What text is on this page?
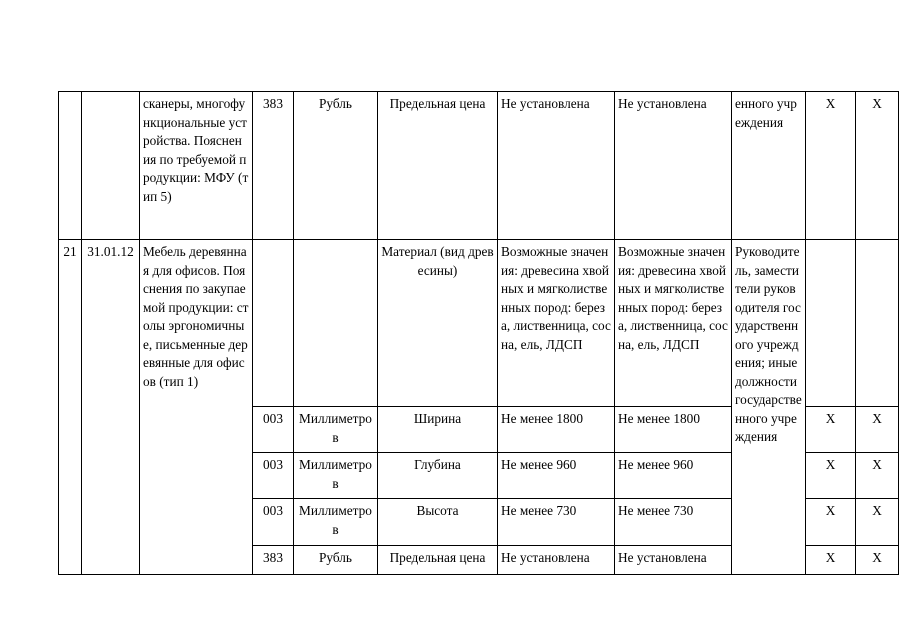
		сканеры, многофункциональные устройства. Пояснения по требуемой продукции: МФУ (тип 5)	383	Рубль	Предельная цена	Не установлена	Не установлена	енного учреждения	X	X
21	31.01.12	Мебель деревянная для офисов. Пояснения по закупаемой продукции: столы эргономичные, письменные деревянные для офисов (тип 1)			Материал (вид древесины)	Возможные значения: древесина хвойных и мягколиственных пород: береза, лиственница, сосна, ель, ЛДСП	Возможные значения: древесина хвойных и мягколиственных пород: береза, лиственница, сосна, ель, ЛДСП	Руководитель, заместители руководителя государственного учреждения; иные должности государственного учреждения		
			003	Миллиметров	Ширина	Не менее 1800	Не менее 1800		X	X
			003	Миллиметров	Глубина	Не менее 960	Не менее 960		X	X
			003	Миллиметров	Высота	Не менее 730	Не менее 730		X	X
			383	Рубль	Предельная цена	Не установлена	Не установлена		X	X
